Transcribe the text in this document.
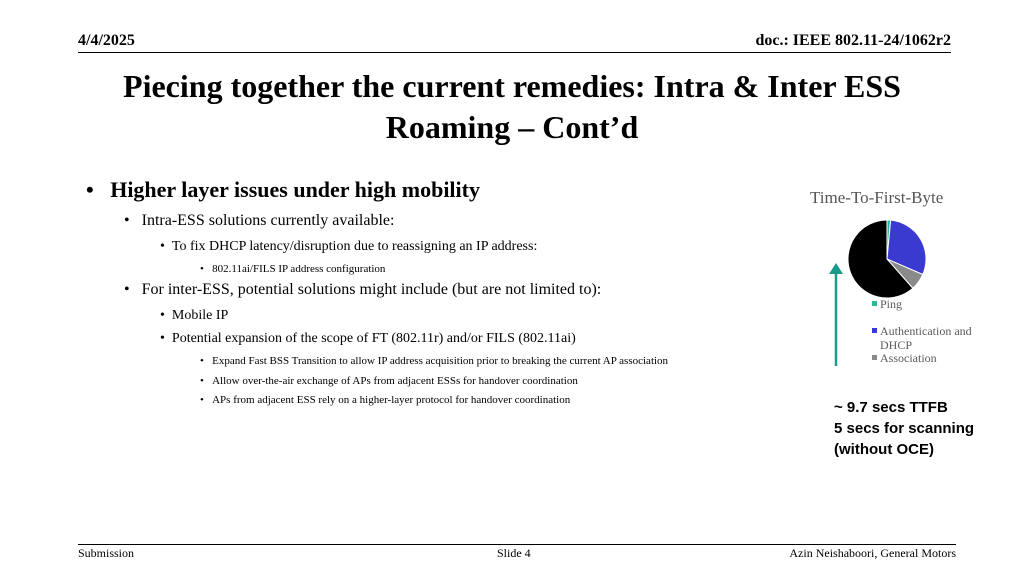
4/4/2025	doc.: IEEE 802.11-24/1062r2
Piecing together the current remedies: Intra & Inter ESS
Roaming – Cont’d
•   Higher layer issues under high mobility
•   Intra-ESS solutions currently available:
•  To fix DHCP latency/disruption due to reassigning an IP address:
•   802.11ai/FILS IP address configuration
•   For inter-ESS, potential solutions might include (but are not limited to):
•  Mobile IP
•  Potential expansion of the scope of FT (802.11r) and/or FILS (802.11ai)
•   Expand Fast BSS Transition to allow IP address acquisition prior to breaking the current AP association
•   Allow over-the-air exchange of APs from adjacent ESSs for handover coordination
•   APs from adjacent ESS rely on a higher-layer protocol for handover coordination
Time-To-First-Byte
Ping
Authentication and
DHCP
Association
~ 9.7 secs TTFB
5 secs for scanning
(without OCE)
Submission	Slide 4	Azin Neishaboori, General Motors
